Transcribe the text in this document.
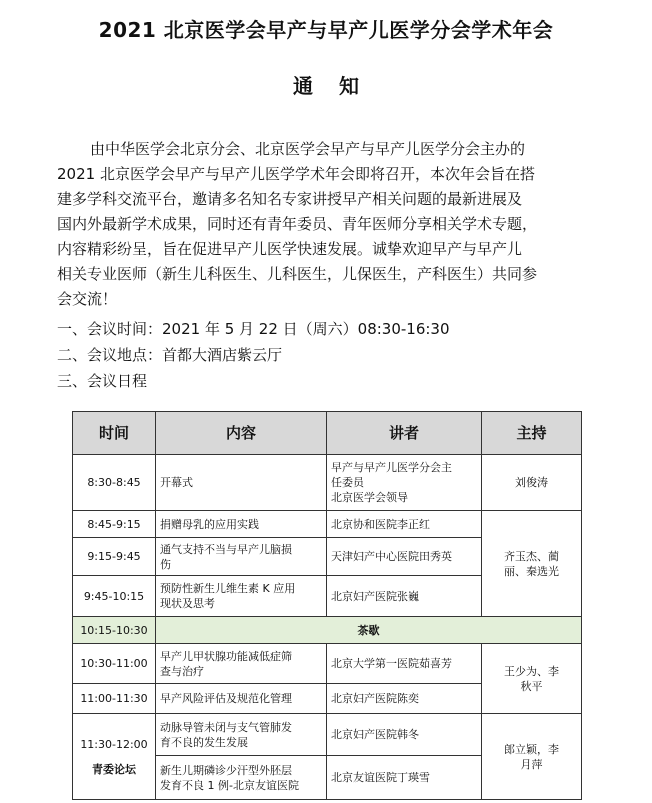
2021 北京医学会早产与早产儿医学分会学术年会
通 知
由中华医学会北京分会、北京医学会早产与早产儿医学分会主办的
2021 北京医学会早产与早产儿医学学术年会即将召开，本次年会旨在搭
建多学科交流平台，邀请多名知名专家讲授早产相关问题的最新进展及
国内外最新学术成果，同时还有青年委员、青年医师分享相关学术专题，
内容精彩纷呈，旨在促进早产儿医学快速发展。诚挚欢迎早产与早产儿
相关专业医师（新生儿科医生、儿科医生，儿保医生，产科医生）共同参
会交流！
一、会议时间：2021 年 5 月 22 日（周六）08:30-16:30
二、会议地点：首都大酒店紫云厅
三、会议日程
时间	内容	讲者	主持
8:30-8:45	开幕式	早产与早产儿医学分会主
任委员
北京医学会领导	刘俊涛
8:45-9:15	捐赠母乳的应用实践	北京协和医院李正红	齐玉杰、蔺
丽、秦选光

9:15-9:45	通气支持不当与早产儿脑损
伤	天津妇产中心医院田秀英	
9:45-10:15	预防性新生儿维生素 K 应用
现状及思考	北京妇产医院张巍	
10:15-10:30	茶歇		
10:30-11:00	早产儿甲状腺功能减低症筛
查与治疗	北京大学第一医院茹喜芳	王少为、李
秋平

11:00-11:30	早产风险评估及规范化管理	北京妇产医院陈奕	

11:30-12:00
青委论坛	动脉导管未闭与支气管肺发
育不良的发生发展	北京妇产医院韩冬	郎立颖，李
月萍

	新生儿期磷诊少汗型外胚层
发育不良 1 例-北京友谊医院	北京友谊医院丁瑛雪	
